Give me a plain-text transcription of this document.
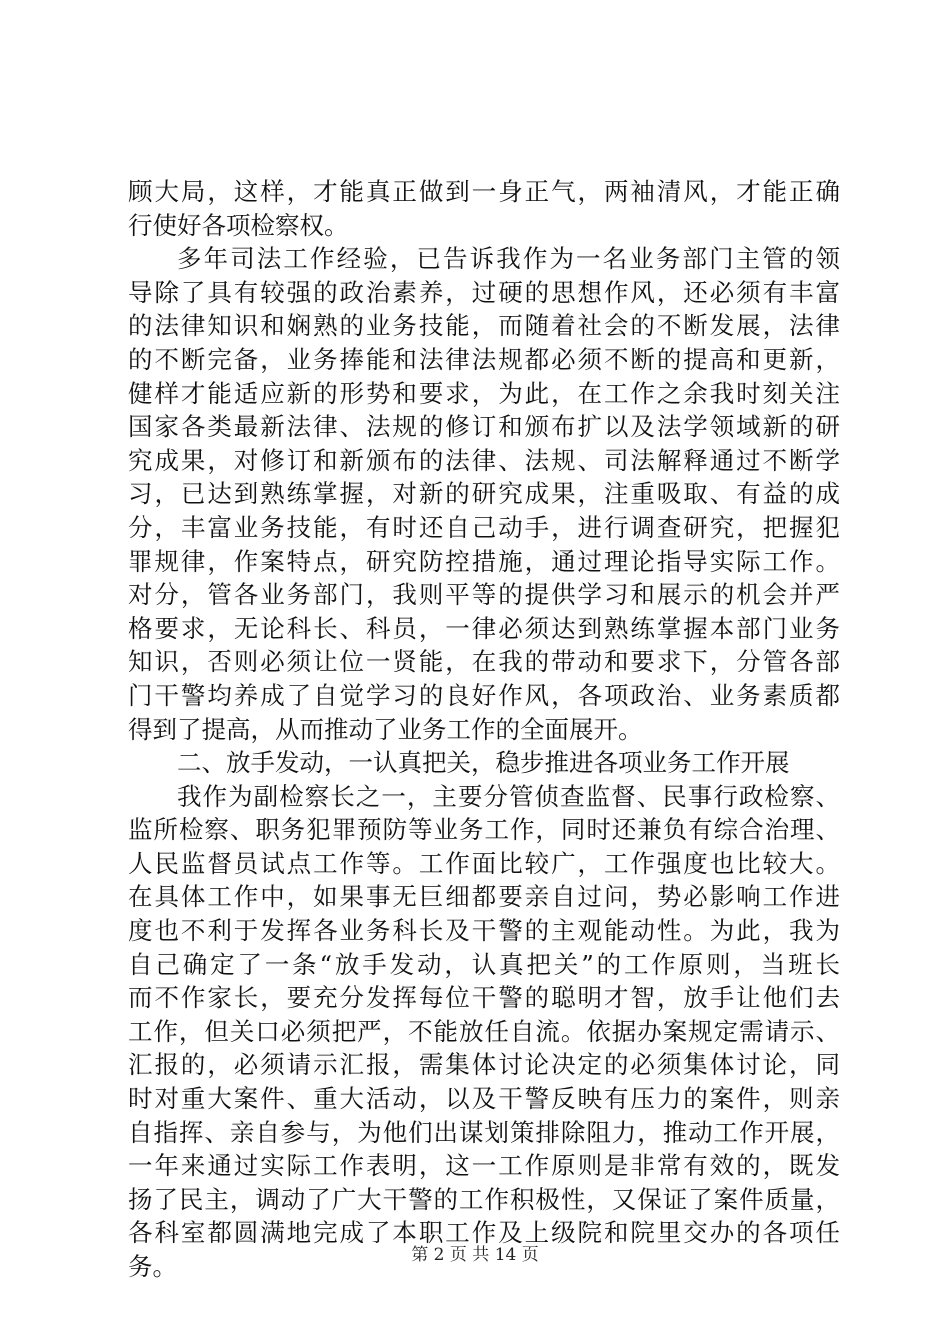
顾大局，这样，才能真正做到一身正气，两袖清风，才能正确
行使好各项检察权。
多年司法工作经验，已告诉我作为一名业务部门主管的领
导除了具有较强的政治素养，过硬的思想作风，还必须有丰富
的法律知识和娴熟的业务技能，而随着社会的不断发展，法律
的不断完备，业务捧能和法律法规都必须不断的提高和更新，
健样才能适应新的形势和要求，为此，在工作之余我时刻关注
国家各类最新法律、法规的修订和颁布扩以及法学领域新的研
究成果，对修订和新颁布的法律、法规、司法解释通过不断学
习，已达到熟练掌握，对新的研究成果，注重吸取、有益的成
分，丰富业务技能，有时还自己动手，进行调查研究，把握犯
罪规律，作案特点，研究防控措施，通过理论指导实际工作。
对分，管各业务部门，我则平等的提供学习和展示的机会并严
格要求，无论科长、科员，一律必须达到熟练掌握本部门业务
知识，否则必须让位一贤能，在我的带动和要求下，分管各部
门干警均养成了自觉学习的良好作风，各项政治、业务素质都
得到了提高，从而推动了业务工作的全面展开。
二、放手发动，一认真把关，稳步推进各项业务工作开展
我作为副检察长之一，主要分管侦查监督、民事行政检察、
监所检察、职务犯罪预防等业务工作，同时还兼负有综合治理、
人民监督员试点工作等。工作面比较广，工作强度也比较大。
在具体工作中，如果事无巨细都要亲自过问，势必影响工作进
度也不利于发挥各业务科长及干警的主观能动性。为此，我为
自己确定了一条“放手发动，认真把关”的工作原则，当班长
而不作家长，要充分发挥每位干警的聪明才智，放手让他们去
工作，但关口必须把严，不能放任自流。依据办案规定需请示、
汇报的，必须请示汇报，需集体讨论决定的必须集体讨论，同
时对重大案件、重大活动，以及干警反映有压力的案件，则亲
自指挥、亲自参与，为他们出谋划策排除阻力，推动工作开展，
一年来通过实际工作表明，这一工作原则是非常有效的，既发
扬了民主，调动了广大干警的工作积极性，又保证了案件质量，
各科室都圆满地完成了本职工作及上级院和院里交办的各项任
务。	第 2 页 共 14 页
